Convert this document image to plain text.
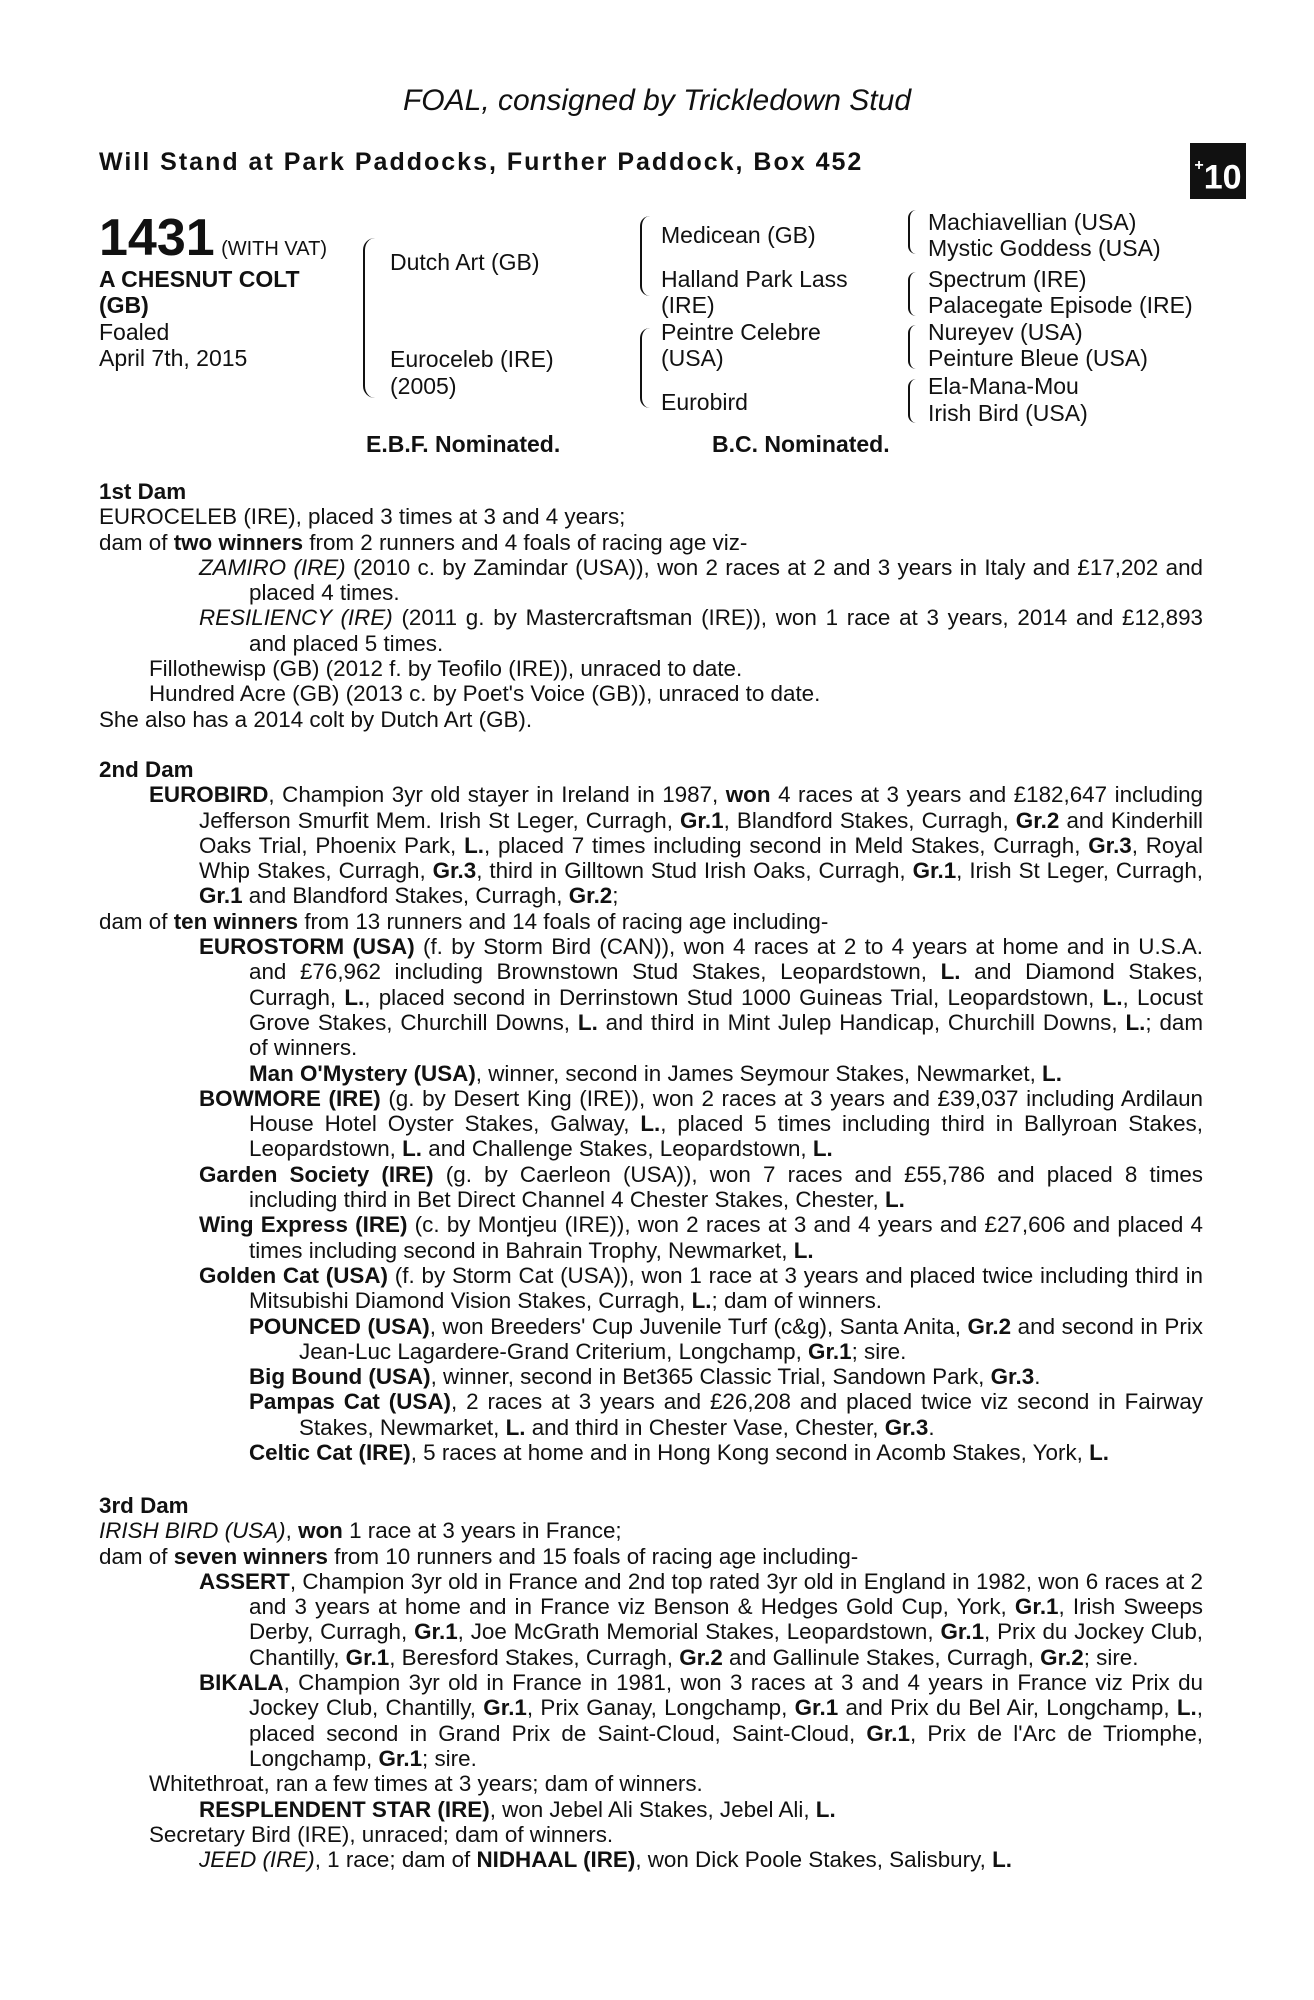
FOAL, consigned by Trickledown Stud
Will Stand at Park Paddocks, Further Paddock, Box 452	+10
1431 (WITH VAT)
A CHESNUT COLT
(GB)
Foaled
April 7th, 2015
Dutch Art (GB)
Euroceleb (IRE)
(2005)
Medicean (GB)
Halland Park Lass
(IRE)
Peintre Celebre
(USA)
Eurobird
Machiavellian (USA)
Mystic Goddess (USA)
Spectrum (IRE)
Palacegate Episode (IRE)
Nureyev (USA)
Peinture Bleue (USA)
Ela-Mana-Mou
Irish Bird (USA)
E.B.F. Nominated.	B.C. Nominated.

1st Dam

EUROCELEB (IRE), placed 3 times at 3 and 4 years;

dam of two winners from 2 runners and 4 foals of racing age viz-

ZAMIRO (IRE) (2010 c. by Zamindar (USA)), won 2 races at 2 and 3 years in Italy and £17,202 and placed 4 times.

RESILIENCY (IRE) (2011 g. by Mastercraftsman (IRE)), won 1 race at 3 years, 2014 and £12,893 and placed 5 times.

Fillothewisp (GB) (2012 f. by Teofilo (IRE)), unraced to date.

Hundred Acre (GB) (2013 c. by Poet's Voice (GB)), unraced to date.

She also has a 2014 colt by Dutch Art (GB).

2nd Dam

EUROBIRD, Champion 3yr old stayer in Ireland in 1987, won 4 races at 3 years and £182,647 including Jefferson Smurfit Mem. Irish St Leger, Curragh, Gr.1, Blandford Stakes, Curragh, Gr.2 and Kinderhill Oaks Trial, Phoenix Park, L., placed 7 times including second in Meld Stakes, Curragh, Gr.3, Royal Whip Stakes, Curragh, Gr.3, third in Gilltown Stud Irish Oaks, Curragh, Gr.1, Irish St Leger, Curragh, Gr.1 and Blandford Stakes, Curragh, Gr.2;

dam of ten winners from 13 runners and 14 foals of racing age including-

EUROSTORM (USA) (f. by Storm Bird (CAN)), won 4 races at 2 to 4 years at home and in U.S.A. and £76,962 including Brownstown Stud Stakes, Leopardstown, L. and Diamond Stakes, Curragh, L., placed second in Derrinstown Stud 1000 Guineas Trial, Leopardstown, L., Locust Grove Stakes, Churchill Downs, L. and third in Mint Julep Handicap, Churchill Downs, L.; dam of winners.

Man O'Mystery (USA), winner, second in James Seymour Stakes, Newmarket, L.

BOWMORE (IRE) (g. by Desert King (IRE)), won 2 races at 3 years and £39,037 including Ardilaun House Hotel Oyster Stakes, Galway, L., placed 5 times including third in Ballyroan Stakes, Leopardstown, L. and Challenge Stakes, Leopardstown, L.

Garden Society (IRE) (g. by Caerleon (USA)), won 7 races and £55,786 and placed 8 times including third in Bet Direct Channel 4 Chester Stakes, Chester, L.

Wing Express (IRE) (c. by Montjeu (IRE)), won 2 races at 3 and 4 years and £27,606 and placed 4 times including second in Bahrain Trophy, Newmarket, L.

Golden Cat (USA) (f. by Storm Cat (USA)), won 1 race at 3 years and placed twice including third in Mitsubishi Diamond Vision Stakes, Curragh, L.; dam of winners.

POUNCED (USA), won Breeders' Cup Juvenile Turf (c&g), Santa Anita, Gr.2 and second in Prix Jean-Luc Lagardere-Grand Criterium, Longchamp, Gr.1; sire.

Big Bound (USA), winner, second in Bet365 Classic Trial, Sandown Park, Gr.3.

Pampas Cat (USA), 2 races at 3 years and £26,208 and placed twice viz second in Fairway Stakes, Newmarket, L. and third in Chester Vase, Chester, Gr.3.

Celtic Cat (IRE), 5 races at home and in Hong Kong second in Acomb Stakes, York, L.

3rd Dam

IRISH BIRD (USA), won 1 race at 3 years in France;

dam of seven winners from 10 runners and 15 foals of racing age including-

ASSERT, Champion 3yr old in France and 2nd top rated 3yr old in England in 1982, won 6 races at 2 and 3 years at home and in France viz Benson & Hedges Gold Cup, York, Gr.1, Irish Sweeps Derby, Curragh, Gr.1, Joe McGrath Memorial Stakes, Leopardstown, Gr.1, Prix du Jockey Club, Chantilly, Gr.1, Beresford Stakes, Curragh, Gr.2 and Gallinule Stakes, Curragh, Gr.2; sire.

BIKALA, Champion 3yr old in France in 1981, won 3 races at 3 and 4 years in France viz Prix du Jockey Club, Chantilly, Gr.1, Prix Ganay, Longchamp, Gr.1 and Prix du Bel Air, Longchamp, L., placed second in Grand Prix de Saint-Cloud, Saint-Cloud, Gr.1, Prix de l'Arc de Triomphe, Longchamp, Gr.1; sire.

Whitethroat, ran a few times at 3 years; dam of winners.

RESPLENDENT STAR (IRE), won Jebel Ali Stakes, Jebel Ali, L.

Secretary Bird (IRE), unraced; dam of winners.

JEED (IRE), 1 race; dam of NIDHAAL (IRE), won Dick Poole Stakes, Salisbury, L.
